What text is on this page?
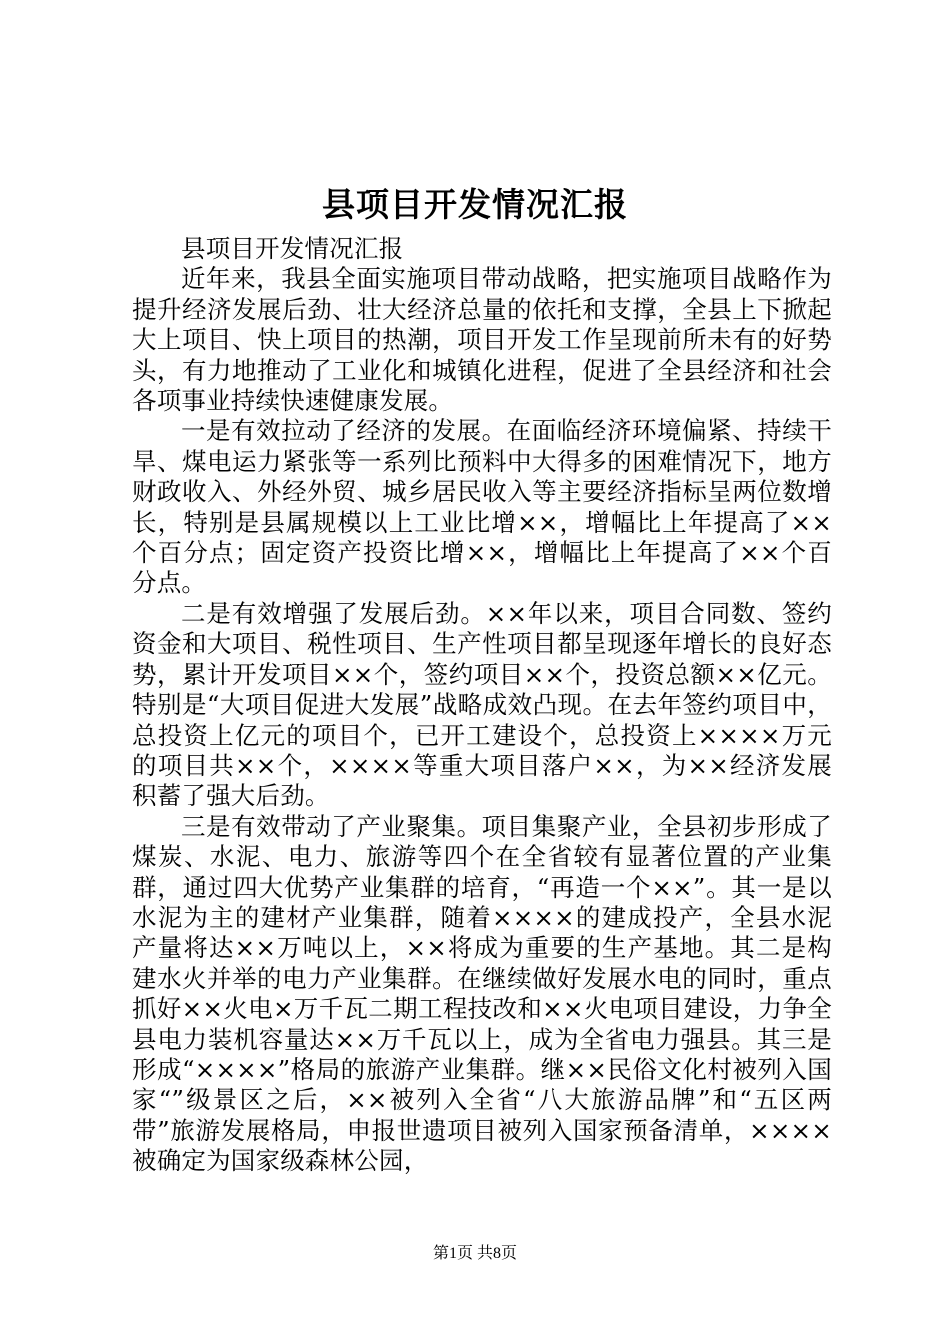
县项目开发情况汇报

县项目开发情况汇报

近年来，我县全面实施项目带动战略，把实施项目战略作为提升经济发展后劲、壮大经济总量的依托和支撑，全县上下掀起大上项目、快上项目的热潮，项目开发工作呈现前所未有的好势头，有力地推动了工业化和城镇化进程，促进了全县经济和社会各项事业持续快速健康发展。

一是有效拉动了经济的发展。在面临经济环境偏紧、持续干旱、煤电运力紧张等一系列比预料中大得多的困难情况下，地方财政收入、外经外贸、城乡居民收入等主要经济指标呈两位数增长，特别是县属规模以上工业比增××，增幅比上年提高了××个百分点；固定资产投资比增××，增幅比上年提高了××个百分点。

二是有效增强了发展后劲。××年以来，项目合同数、签约资金和大项目、税性项目、生产性项目都呈现逐年增长的良好态势，累计开发项目××个，签约项目××个，投资总额××亿元。特别是“大项目促进大发展”战略成效凸现。在去年签约项目中，总投资上亿元的项目个，已开工建设个，总投资上××××万元的项目共××个，××××等重大项目落户××，为××经济发展积蓄了强大后劲。

三是有效带动了产业聚集。项目集聚产业，全县初步形成了煤炭、水泥、电力、旅游等四个在全省较有显著位置的产业集群，通过四大优势产业集群的培育，“再造一个××”。其一是以水泥为主的建材产业集群，随着××××的建成投产，全县水泥产量将达××万吨以上，××将成为重要的生产基地。其二是构建水火并举的电力产业集群。在继续做好发展水电的同时，重点抓好××火电×万千瓦二期工程技改和××火电项目建设，力争全县电力装机容量达××万千瓦以上，成为全省电力强县。其三是形成“××××”格局的旅游产业集群。继××民俗文化村被列入国家“”级景区之后，××被列入全省“八大旅游品牌”和“五区两带”旅游发展格局，申报世遗项目被列入国家预备清单，××××被确定为国家级森林公园，

第1页 共8页
